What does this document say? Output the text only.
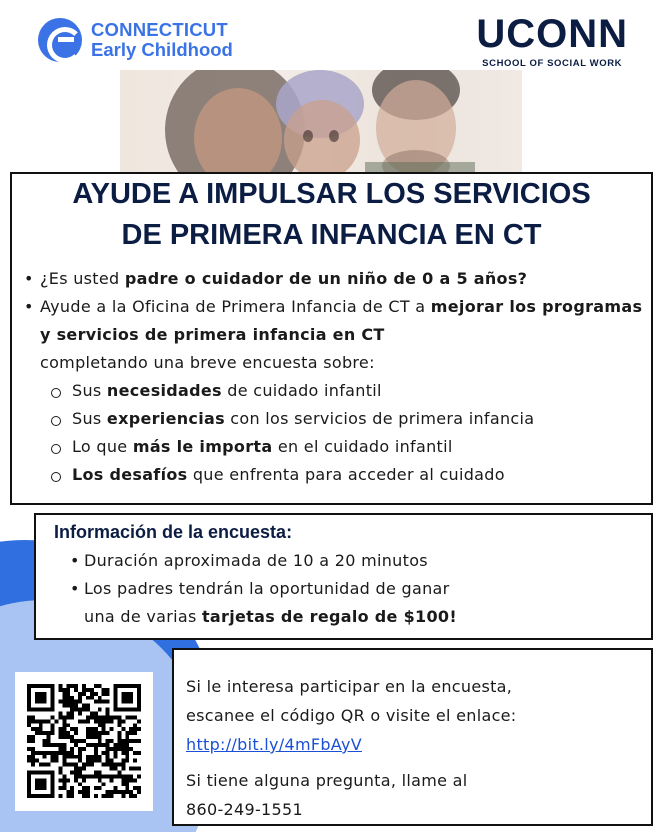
CONNECTICUT
Early Childhood	UCONN
SCHOOL OF SOCIAL WORK
AYUDE A IMPULSAR LOS SERVICIOS
DE PRIMERA INFANCIA EN CT
• ¿Es usted padre o cuidador de un niño de 0 a 5 años?
• Ayude a la Oficina de Primera Infancia de CT a mejorar los programas y servicios de primera infancia en CT
completando una breve encuesta sobre:
Sus necesidades de cuidado infantil
Sus experiencias con los servicios de primera infancia
Lo que más le importa en el cuidado infantil
Los desafíos que enfrenta para acceder al cuidado
Información de la encuesta:
• Duración aproximada de 10 a 20 minutos
• Los padres tendrán la oportunidad de ganar
una de varias tarjetas de regalo de $100!

Si le interesa participar en la encuesta,

escanee el código QR o visite el enlace:

http://bit.ly/4mFbAyV

Si tiene alguna pregunta, llame al

860-249-1551
